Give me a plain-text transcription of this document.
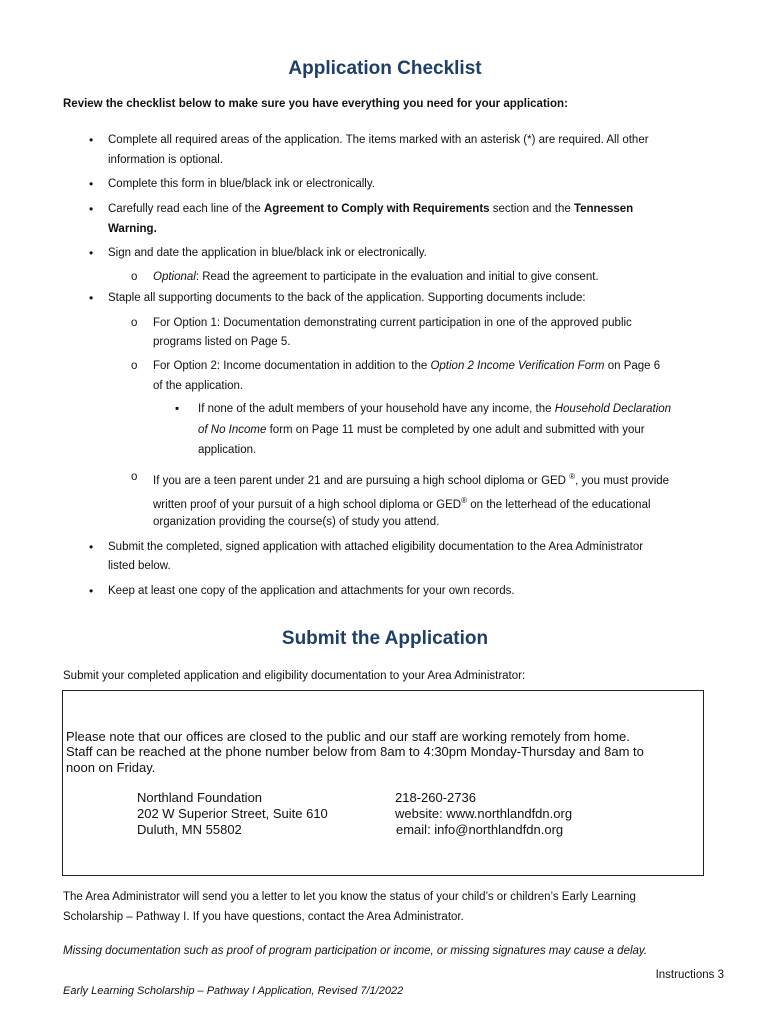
Application Checklist
Review the checklist below to make sure you have everything you need for your application:
• Complete all required areas of the application. The items marked with an asterisk (*) are required. All other
information is optional.
• Complete this form in blue/black ink or electronically.
• Carefully read each line of the Agreement to Comply with Requirements section and the Tennessen
Warning.
• Sign and date the application in blue/black ink or electronically.
o Optional: Read the agreement to participate in the evaluation and initial to give consent.
• Staple all supporting documents to the back of the application. Supporting documents include:
o For Option 1: Documentation demonstrating current participation in one of the approved public
programs listed on Page 5.
o For Option 2: Income documentation in addition to the Option 2 Income Verification Form on Page 6
of the application.
▪ If none of the adult members of your household have any income, the Household Declaration
of No Income form on Page 11 must be completed by one adult and submitted with your
application.
o If you are a teen parent under 21 and are pursuing a high school diploma or GED ®, you must provide
written proof of your pursuit of a high school diploma or GED® on the letterhead of the educational
organization providing the course(s) of study you attend.
• Submit the completed, signed application with attached eligibility documentation to the Area Administrator
listed below.
• Keep at least one copy of the application and attachments for your own records.
Submit the Application
Submit your completed application and eligibility documentation to your Area Administrator:
Please note that our offices are closed to the public and our staff are working remotely from home.
Staff can be reached at the phone number below from 8am to 4:30pm Monday-Thursday and 8am to
noon on Friday.
Northland Foundation
202 W Superior Street, Suite 610
Duluth, MN 55802
218-260-2736
website: www.northlandfdn.org
email: info@northlandfdn.org
The Area Administrator will send you a letter to let you know the status of your child’s or children’s Early Learning
Scholarship – Pathway I. If you have questions, contact the Area Administrator.
Missing documentation such as proof of program participation or income, or missing signatures may cause a delay.
Instructions 3
Early Learning Scholarship – Pathway I Application, Revised 7/1/2022
